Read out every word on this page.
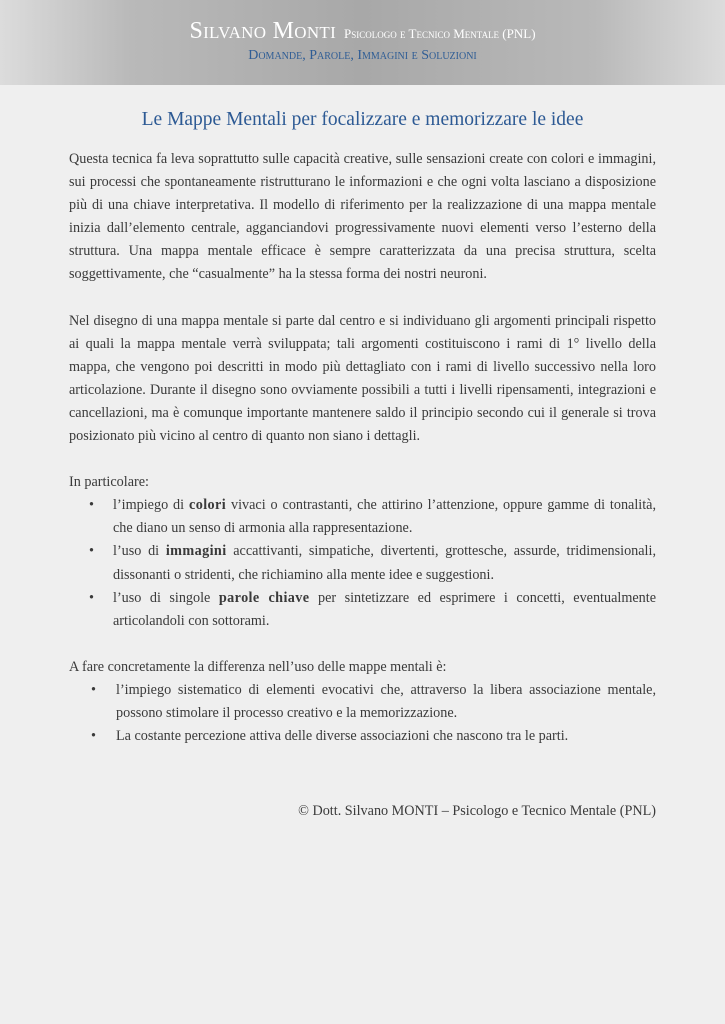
Silvano Monti Psicologo e Tecnico Mentale (PNL)
Domande, Parole, Immagini e Soluzioni
Le Mappe Mentali per focalizzare e memorizzare le idee

Questa tecnica fa leva soprattutto sulle capacità creative, sulle sensazioni create con colori e immagini, sui processi che spontaneamente ristrutturano le informazioni e che ogni volta lasciano a disposizione più di una chiave interpretativa. Il modello di riferimento per la realizzazione di una mappa mentale inizia dall’elemento centrale, agganciandovi progressivamente nuovi elementi verso l’esterno della struttura. Una mappa mentale efficace è sempre caratterizzata da una precisa struttura, scelta soggettivamente, che “casualmente” ha la stessa forma dei nostri neuroni.

Nel disegno di una mappa mentale si parte dal centro e si individuano gli argomenti principali rispetto ai quali la mappa mentale verrà sviluppata; tali argomenti costituiscono i rami di 1° livello della mappa, che vengono poi descritti in modo più dettagliato con i rami di livello successivo nella loro articolazione. Durante il disegno sono ovviamente possibili a tutti i livelli ripensamenti, integrazioni e cancellazioni, ma è comunque importante mantenere saldo il principio secondo cui il generale si trova posizionato più vicino al centro di quanto non siano i dettagli.

In particolare:

• l’impiego di colori vivaci o contrastanti, che attirino l’attenzione, oppure gamme di tonalità, che diano un senso di armonia alla rappresentazione.
• l’uso di immagini accattivanti, simpatiche, divertenti, grottesche, assurde, tridimensionali, dissonanti o stridenti, che richiamino alla mente idee e suggestioni.
• l’uso di singole parole chiave per sintetizzare ed esprimere i concetti, eventualmente articolandoli con sottorami.

A fare concretamente la differenza nell’uso delle mappe mentali è:

• l’impiego sistematico di elementi evocativi che, attraverso la libera associazione mentale, possono stimolare il processo creativo e la memorizzazione.
• La costante percezione attiva delle diverse associazioni che nascono tra le parti.
© Dott. Silvano MONTI – Psicologo e Tecnico Mentale (PNL)
